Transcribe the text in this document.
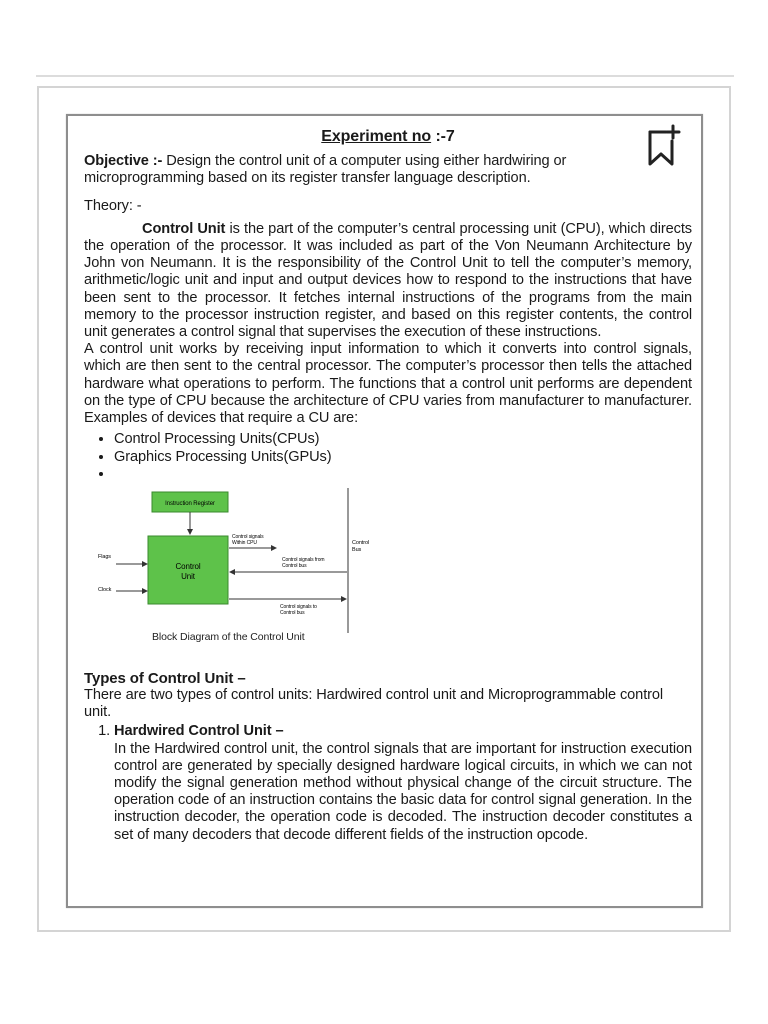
Experiment no :-7

Objective :- Design the control unit of a computer using either hardwiring or microprogramming based on its register transfer language description.

Theory: -

Control Unit is the part of the computer’s central processing unit (CPU), which directs the operation of the processor. It was included as part of the Von Neumann Architecture by John von Neumann. It is the responsibility of the Control Unit to tell the computer’s memory, arithmetic/logic unit and input and output devices how to respond to the instructions that have been sent to the processor. It fetches internal instructions of the programs from the main memory to the processor instruction register, and based on this register contents, the control unit generates a control signal that supervises the execution of these instructions.

A control unit works by receiving input information to which it converts into control signals, which are then sent to the central processor. The computer’s processor then tells the attached hardware what operations to perform. The functions that a control unit performs are dependent on the type of CPU because the architecture of CPU varies from manufacturer to manufacturer. Examples of devices that require a CU are:

• Control Processing Units(CPUs)
• Graphics Processing Units(GPUs)
•
Instruction Register
Control
Unit
Flags
Clock
Control
Bus
Control signals
Within CPU
Control signals from
Control bus
Control signals to
Control bus
Block Diagram of the Control Unit

Types of Control Unit –

There are two types of control units: Hardwired control unit and Microprogrammable control unit.

1. Hardwired Control Unit –

In the Hardwired control unit, the control signals that are important for instruction execution control are generated by specially designed hardware logical circuits, in which we can not modify the signal generation method without physical change of the circuit structure. The operation code of an instruction contains the basic data for control signal generation. In the instruction decoder, the operation code is decoded. The instruction decoder constitutes a set of many decoders that decode different fields of the instruction opcode.
